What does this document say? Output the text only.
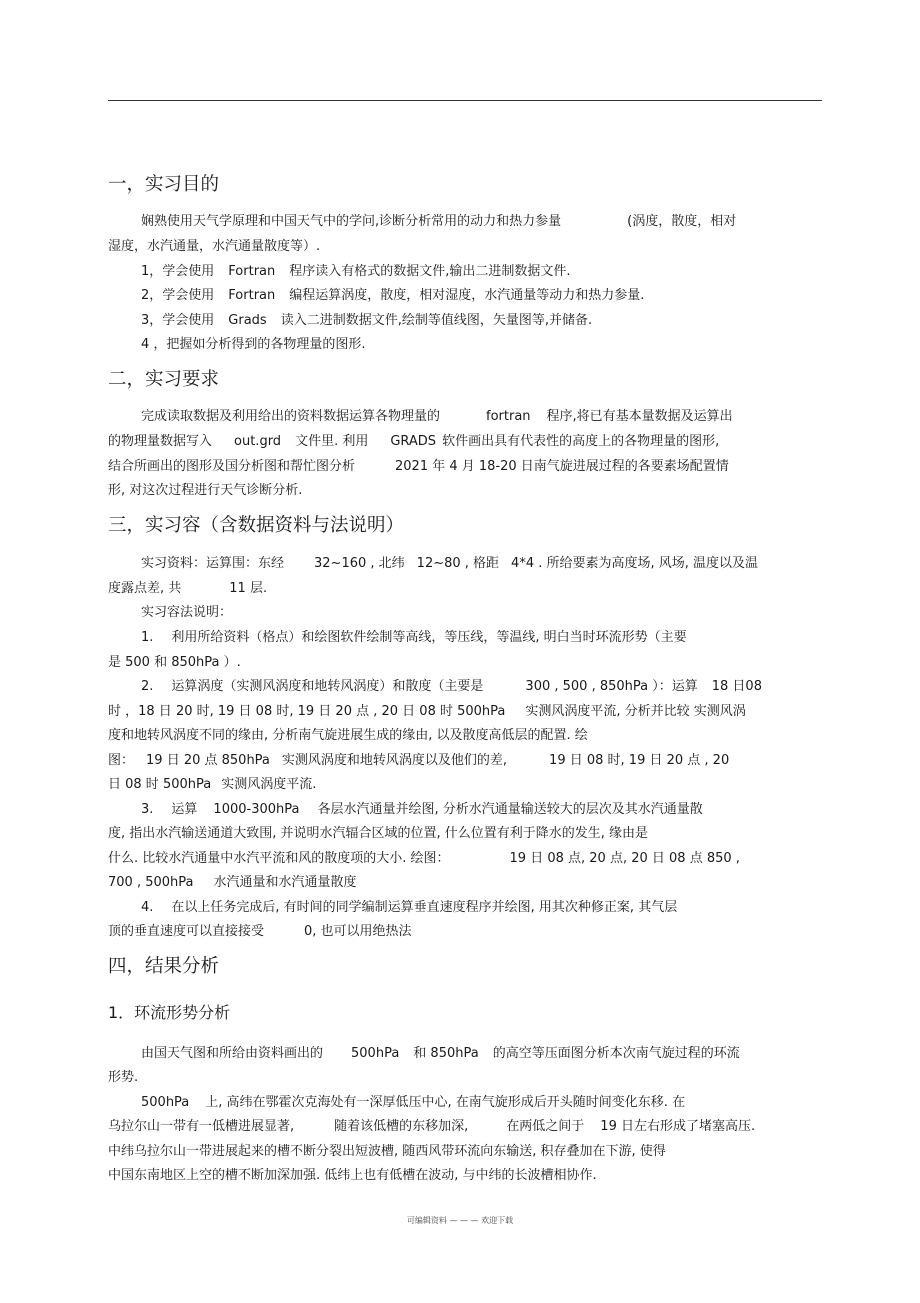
一，实习目的
娴熟使用天气学原理和中国天气中的学问,诊断分析常用的动力和热力参量	(涡度，散度，相对
湿度，水汽通量，水汽通量散度等）.
1，学会使用 Fortran 程序读入有格式的数据文件,输出二进制数据文件.
2，学会使用 Fortran 编程运算涡度，散度，相对湿度，水汽通量等动力和热力参量.
3，学会使用 Grads 读入二进制数据文件,绘制等值线图，矢量图等,并储备.
4 ，把握如分析得到的各物理量的图形.
二，实习要求
完成读取数据及利用给出的资料数据运算各物理量的	fortran 程序,将已有基本量数据及运算出
的物理量数据写入 out.grd 文件里. 利用 GRADS 软件画出具有代表性的高度上的各物理量的图形,
结合所画出的图形及国分析图和帮忙图分析	2021 年 4 月 18-20 日南气旋进展过程的各要素场配置情
形, 对这次过程进行天气诊断分析.
三，实习容（含数据资料与法说明）
实习资料：运算围：东经 32~160 , 北纬 12~80 , 格距 4*4 . 所给要素为高度场, 风场, 温度以及温
度露点差, 共	11 层.
实习容法说明：
1. 利用所给资料（格点）和绘图软件绘制等高线，等压线，等温线, 明白当时环流形势（主要
是 500 和 850hPa ）.
2. 运算涡度（实测风涡度和地转风涡度）和散度（主要是	300 , 500 , 850hPa ）：运算 18 日08
时 ，18 日 20 时, 19 日 08 时, 19 日 20 点 , 20 日 08 时 500hPa 实测风涡度平流, 分析并比较 实测风涡
度和地转风涡度不同的缘由, 分析南气旋进展生成的缘由, 以及散度高低层的配置. 绘
图： 19 日 20 点 850hPa 实测风涡度和地转风涡度以及他们的差,	19 日 08 时, 19 日 20 点 , 20
日 08 时 500hPa 实测风涡度平流.
3. 运算 1000-300hPa 各层水汽通量并绘图, 分析水汽通量输送较大的层次及其水汽通量散
度, 指出水汽输送通道大致围, 并说明水汽辐合区域的位置, 什么位置有利于降水的发生, 缘由是
什么. 比较水汽通量中水汽平流和风的散度项的大小. 绘图：	19 日 08 点, 20 点, 20 日 08 点 850 ,
700 , 500hPa 水汽通量和水汽通量散度
4. 在以上任务完成后, 有时间的同学编制运算垂直速度程序并绘图, 用其次种修正案, 其气层
顶的垂直速度可以直接接受	0, 也可以用绝热法
四，结果分析
1．环流形势分析
由国天气图和所给由资料画出的 500hPa 和 850hPa 的高空等压面图分析本次南气旋过程的环流
形势.
500hPa 上, 高纬在鄂霍次克海处有一深厚低压中心, 在南气旋形成后开头随时间变化东移. 在
乌拉尔山一带有一低槽进展显著,	随着该低槽的东移加深,	在两低之间于 19 日左右形成了堵塞高压.
中纬乌拉尔山一带进展起来的槽不断分裂出短波槽, 随西风带环流向东输送, 积存叠加在下游, 使得
中国东南地区上空的槽不断加深加强. 低纬上也有低槽在波动, 与中纬的长波槽相协作.
可编辑资料 — — — 欢迎下载
